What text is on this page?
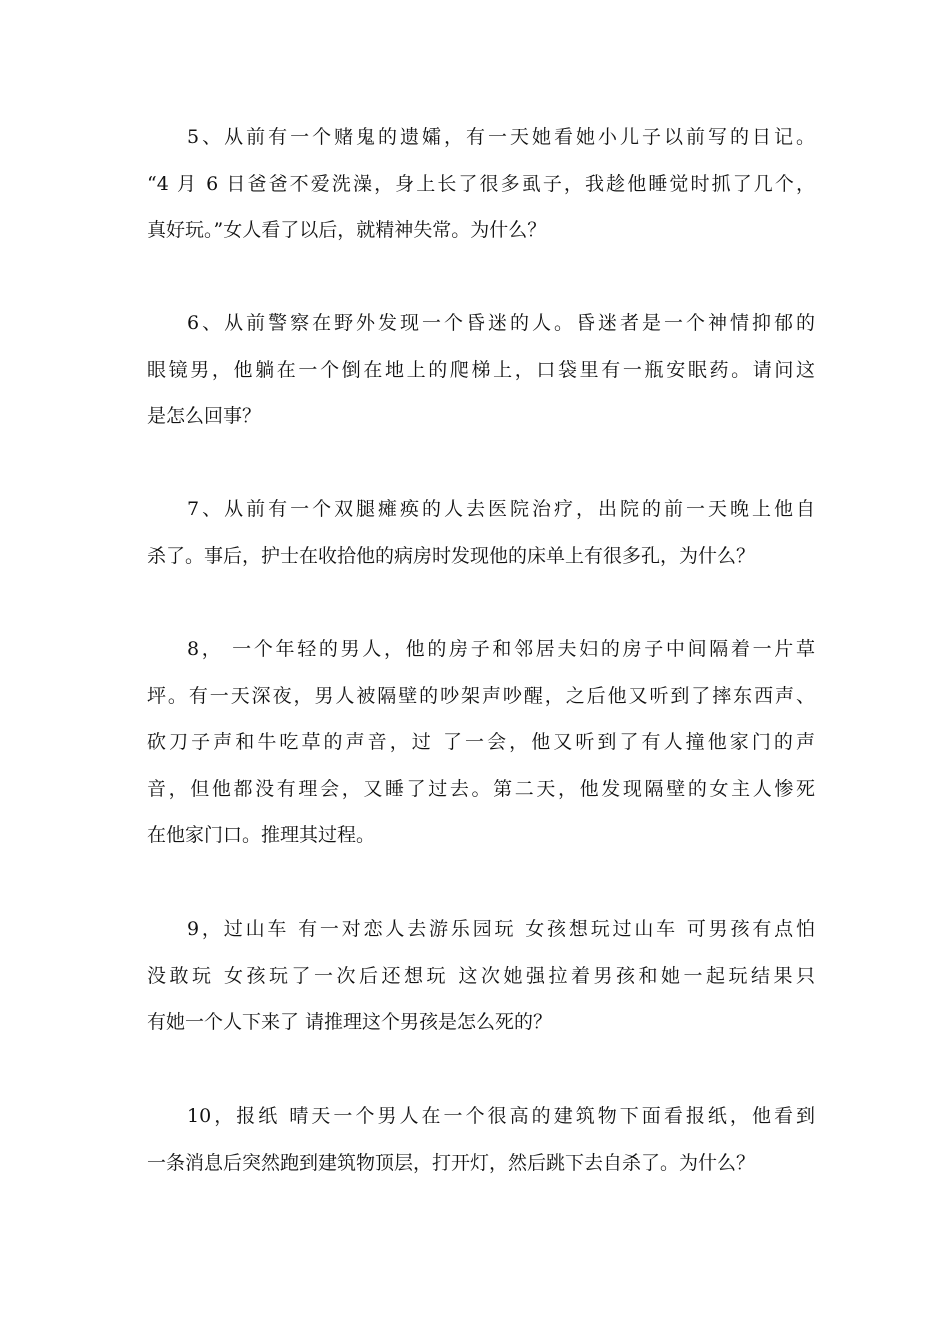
5、从前有一个赌鬼的遗孀，有一天她看她小儿子以前写的日记。
“4 月 6 日爸爸不爱洗澡，身上长了很多虱子，我趁他睡觉时抓了几个，
真好玩。”女人看了以后，就精神失常。为什么？
6、从前警察在野外发现一个昏迷的人。昏迷者是一个神情抑郁的
眼镜男，他躺在一个倒在地上的爬梯上，口袋里有一瓶安眠药。请问这
是怎么回事？
7、从前有一个双腿瘫痪的人去医院治疗，出院的前一天晚上他自
杀了。事后，护士在收拾他的病房时发现他的床单上有很多孔，为什么？
8， 一个年轻的男人，他的房子和邻居夫妇的房子中间隔着一片草
坪。有一天深夜，男人被隔壁的吵架声吵醒，之后他又听到了摔东西声、
砍刀子声和牛吃草的声音，过 了一会，他又听到了有人撞他家门的声
音，但他都没有理会，又睡了过去。第二天，他发现隔壁的女主人惨死
在他家门口。推理其过程。
9，过山车 有一对恋人去游乐园玩 女孩想玩过山车 可男孩有点怕
没敢玩 女孩玩了一次后还想玩 这次她强拉着男孩和她一起玩结果只
有她一个人下来了 请推理这个男孩是怎么死的？
10，报纸 晴天一个男人在一个很高的建筑物下面看报纸，他看到
一条消息后突然跑到建筑物顶层，打开灯，然后跳下去自杀了。为什么？
